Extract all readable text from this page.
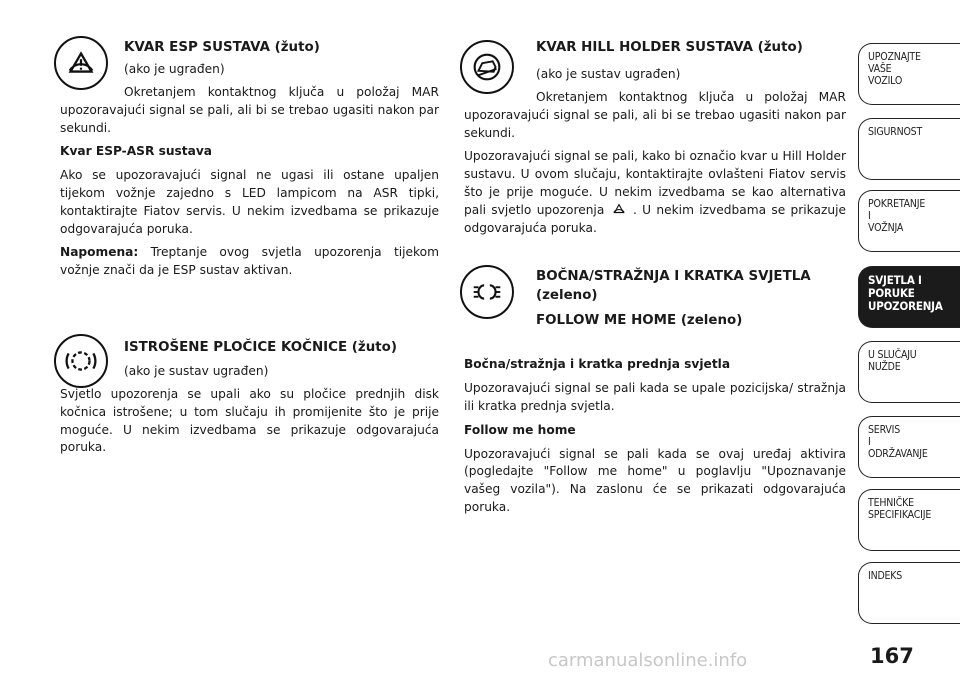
KVAR ESP SUSTAVA (žuto)
(ako je ugrađen)

Okretanjem kontaktnog ključa u položaj MAR upozoravajući signal se pali, ali bi se trebao ugasiti nakon par sekundi.

Kvar ESP-ASR sustava

Ako se upozoravajući signal ne ugasi ili ostane upaljen tijekom vožnje zajedno s LED lampicom na ASR tipki, kontaktirajte Fiatov servis. U nekim izvedbama se prikazuje odgovarajuća poruka.

Napomena: Treptanje ovog svjetla upozorenja tijekom vožnje znači da je ESP sustav aktivan.

ISTROŠENE PLOČICE KOČNICE (žuto)
(ako je sustav ugrađen)

Svjetlo upozorenja se upali ako su pločice prednjih disk kočnica istrošene; u tom slučaju ih promijenite što je prije moguće. U nekim izvedbama se prikazuje odgovarajuća poruka.

KVAR HILL HOLDER SUSTAVA (žuto)
(ako je sustav ugrađen)

Okretanjem kontaktnog ključa u položaj MAR upozoravajući signal se pali, ali bi se trebao ugasiti nakon par sekundi.

Upozoravajući signal se pali, kako bi označio kvar u Hill Holder sustavu. U ovom slučaju, kontaktirajte ovlašteni Fiatov servis što je prije moguće. U nekim izvedbama se kao alternativa pali svjetlo upozorenja . U nekim izvedbama se prikazuje odgovarajuća poruka.

BOČNA/STRAŽNJA I KRATKA SVJETLA
(zeleno)
FOLLOW ME HOME (zeleno)

Bočna/stražnja i kratka prednja svjetla

Upozoravajući signal se pali kada se upale pozicijska/ stražnja ili kratka prednja svjetla.

Follow me home

Upozoravajući signal se pali kada se ovaj uređaj aktivira (pogledajte "Follow me home" u poglavlju "Upoznavanje vašeg vozila"). Na zaslonu će se prikazati odgovarajuća poruka.

UPOZNAJTE
VAŠE
VOZILO
SIGURNOST
POKRETANJE
I
VOŽNJA
SVJETLA I
PORUKE
UPOZORENJA
U SLUČAJU
NUŽDE
SERVIS
I
ODRŽAVANJE
TEHNIČKE
SPECIFIKACIJE
INDEKS
167
carmanualsonline.info
